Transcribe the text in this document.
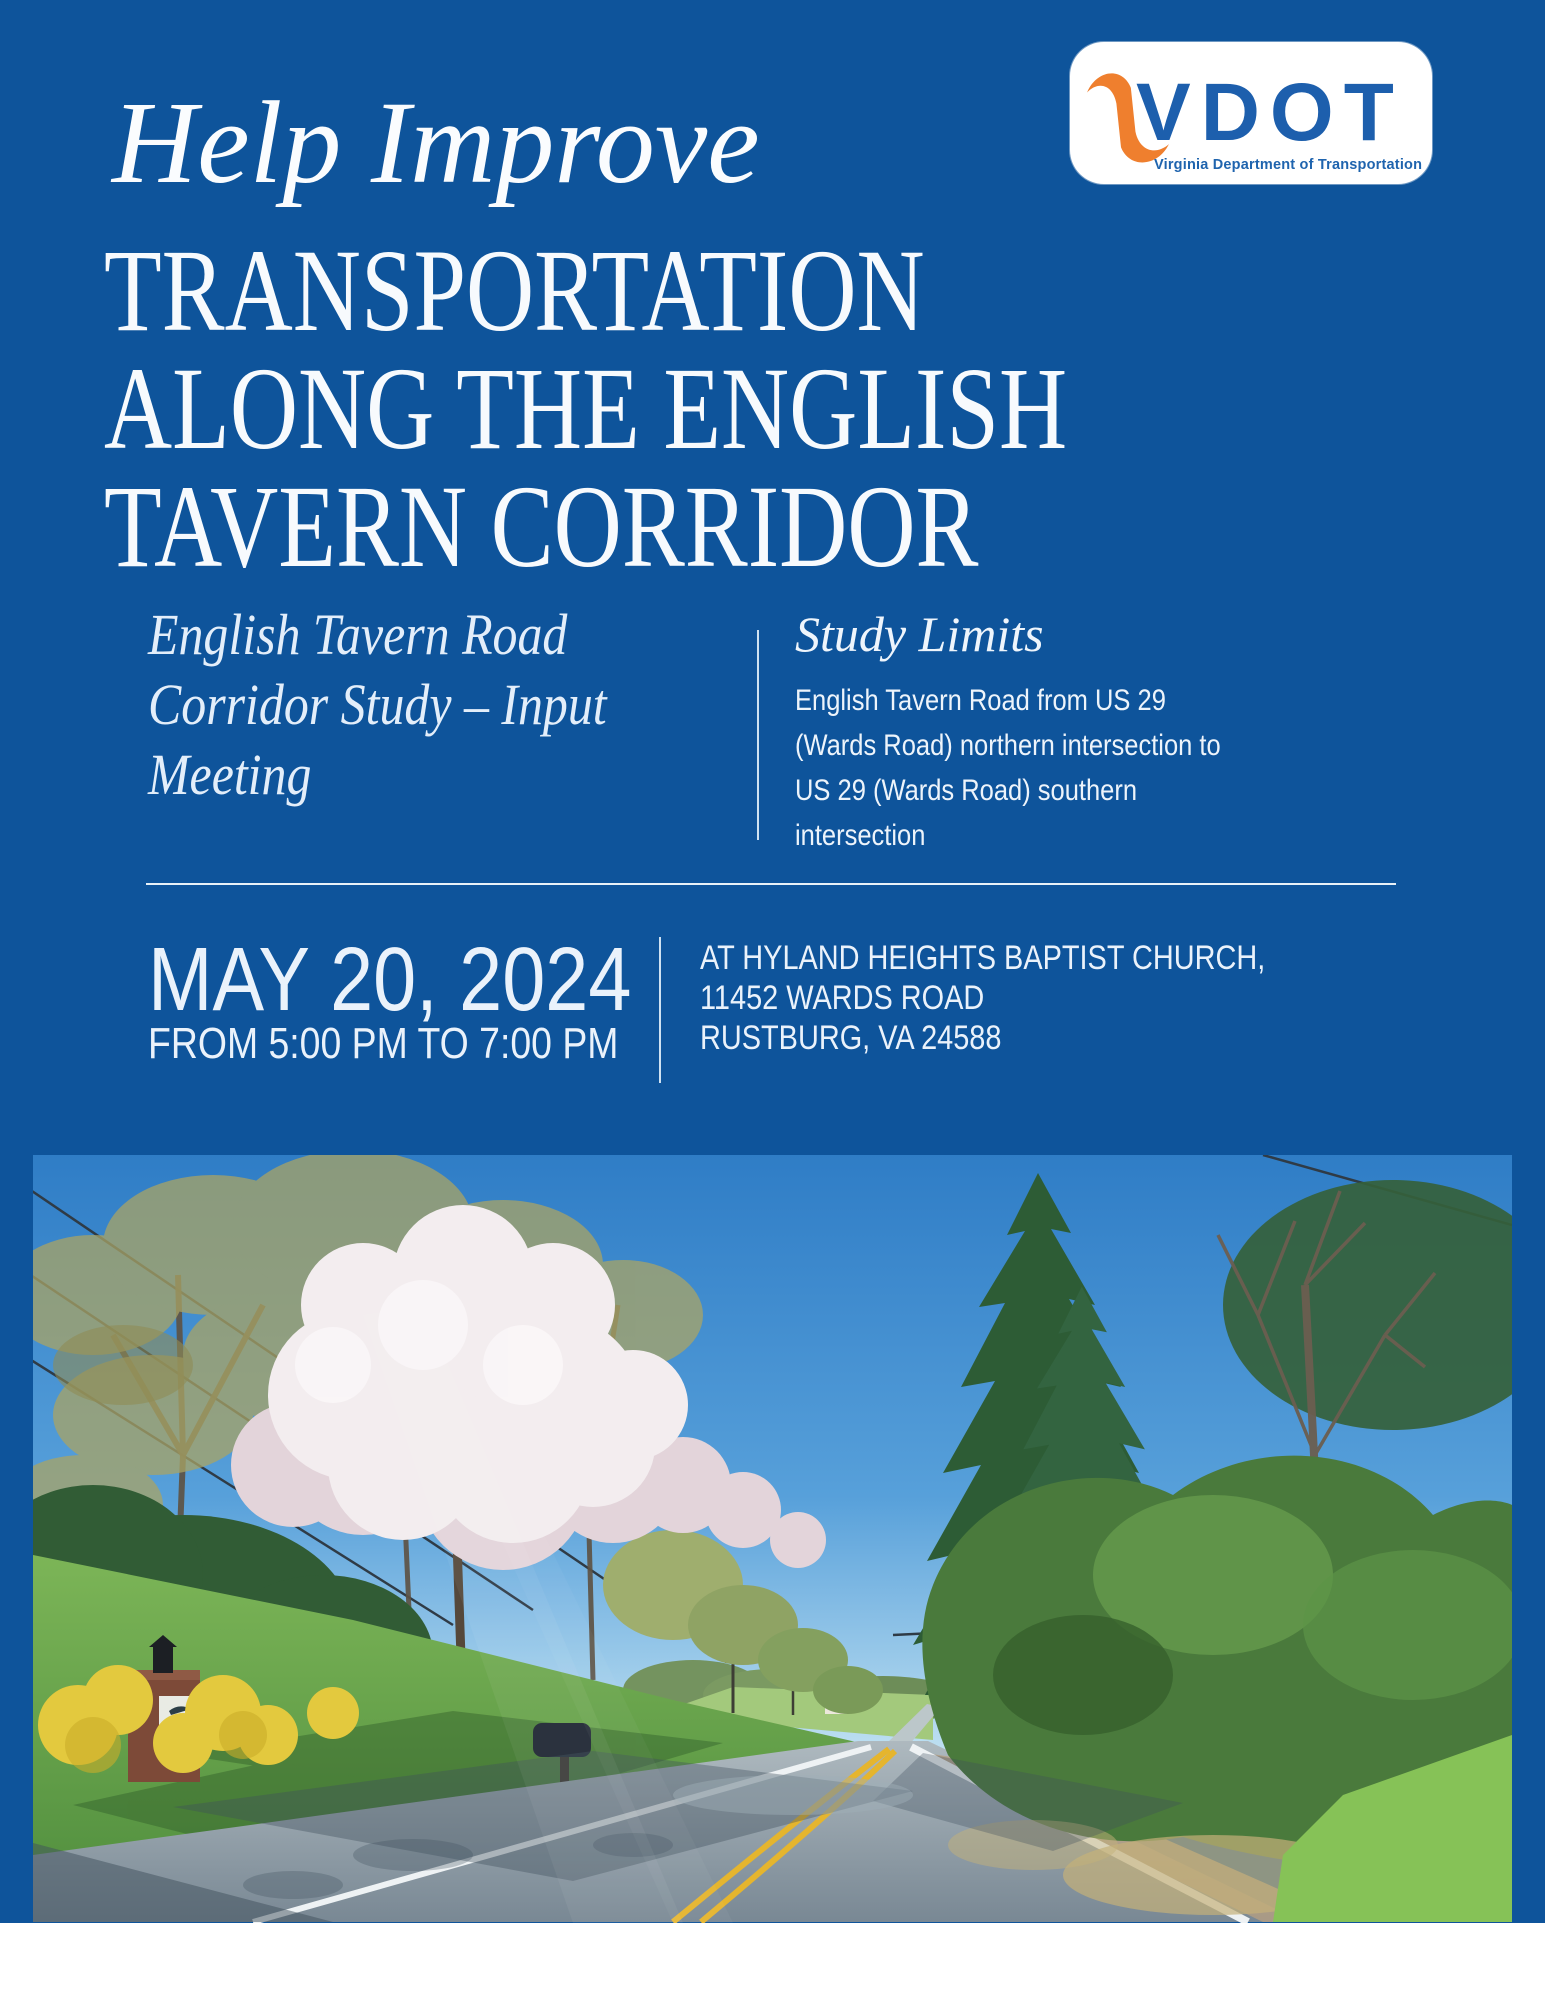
VDOT
Virginia Department of Transportation
Help Improve
TRANSPORTATION
ALONG THE ENGLISH
TAVERN CORRIDOR
English Tavern Road
Corridor Study – Input
Meeting
Study Limits
English Tavern Road from US 29
(Wards Road) northern intersection to
US 29 (Wards Road) southern
intersection
MAY 20, 2024
FROM 5:00 PM TO 7:00 PM
AT HYLAND HEIGHTS BAPTIST CHURCH,
11452 WARDS ROAD
RUSTBURG, VA 24588
